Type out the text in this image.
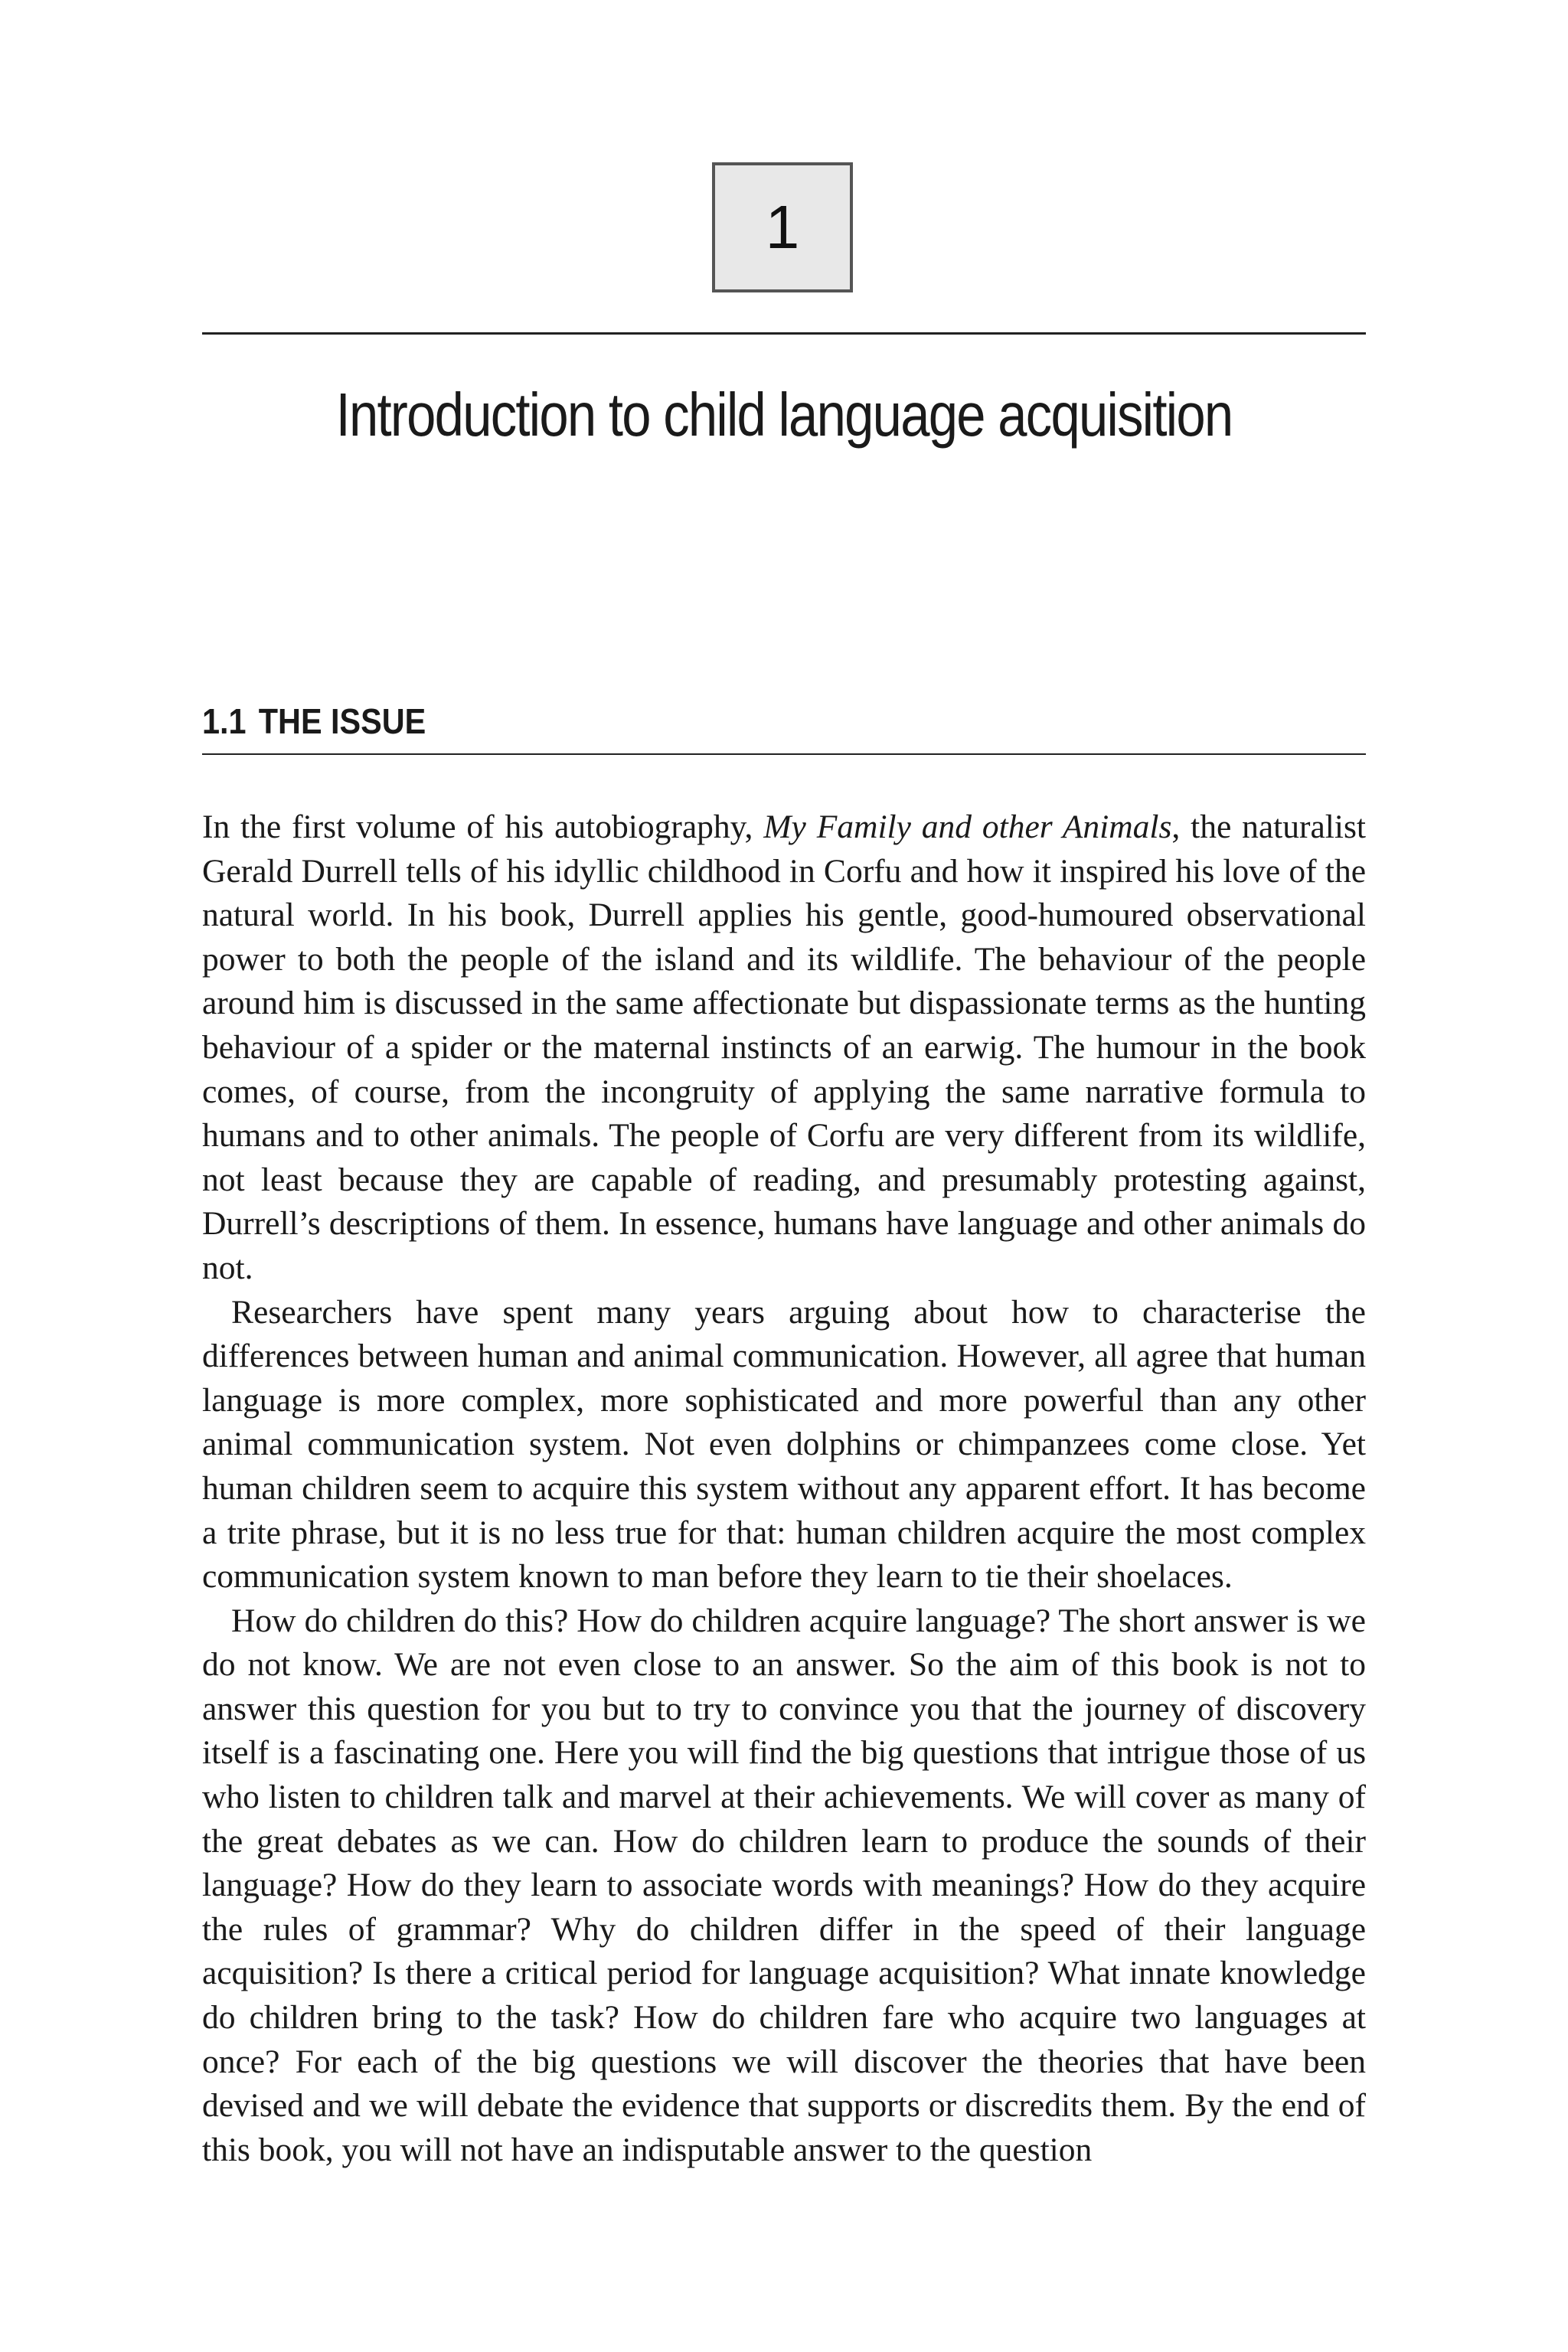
1
Introduction to child language acquisition
1.1 THE ISSUE

In the first volume of his autobiography, My Family and other Animals, the naturalist Gerald Durrell tells of his idyllic childhood in Corfu and how it inspired his love of the natural world. In his book, Durrell applies his gentle, good-humoured observational power to both the people of the island and its wildlife. The behaviour of the people around him is discussed in the same affectionate but dispassionate terms as the hunting behaviour of a spider or the maternal instincts of an earwig. The humour in the book comes, of course, from the incongruity of applying the same narrative formula to humans and to other animals. The people of Corfu are very different from its wildlife, not least because they are capable of reading, and presumably protesting against, Durrell’s descriptions of them. In essence, humans have language and other animals do not.

Researchers have spent many years arguing about how to characterise the differences between human and animal communication. However, all agree that human language is more complex, more sophisticated and more powerful than any other animal communication system. Not even dolphins or chimpanzees come close. Yet human children seem to acquire this system without any apparent effort. It has become a trite phrase, but it is no less true for that: human children acquire the most complex communication system known to man before they learn to tie their shoelaces.

How do children do this? How do children acquire language? The short answer is we do not know. We are not even close to an answer. So the aim of this book is not to answer this question for you but to try to convince you that the journey of discovery itself is a fascinating one. Here you will find the big questions that intrigue those of us who listen to children talk and marvel at their achievements. We will cover as many of the great debates as we can. How do children learn to produce the sounds of their language? How do they learn to associate words with meanings? How do they acquire the rules of grammar? Why do children differ in the speed of their language acquisition? Is there a critical period for language acquisition? What innate knowledge do children bring to the task? How do children fare who acquire two languages at once? For each of the big questions we will discover the theories that have been devised and we will debate the evidence that supports or discredits them. By the end of this book, you will not have an indisputable answer to the question
